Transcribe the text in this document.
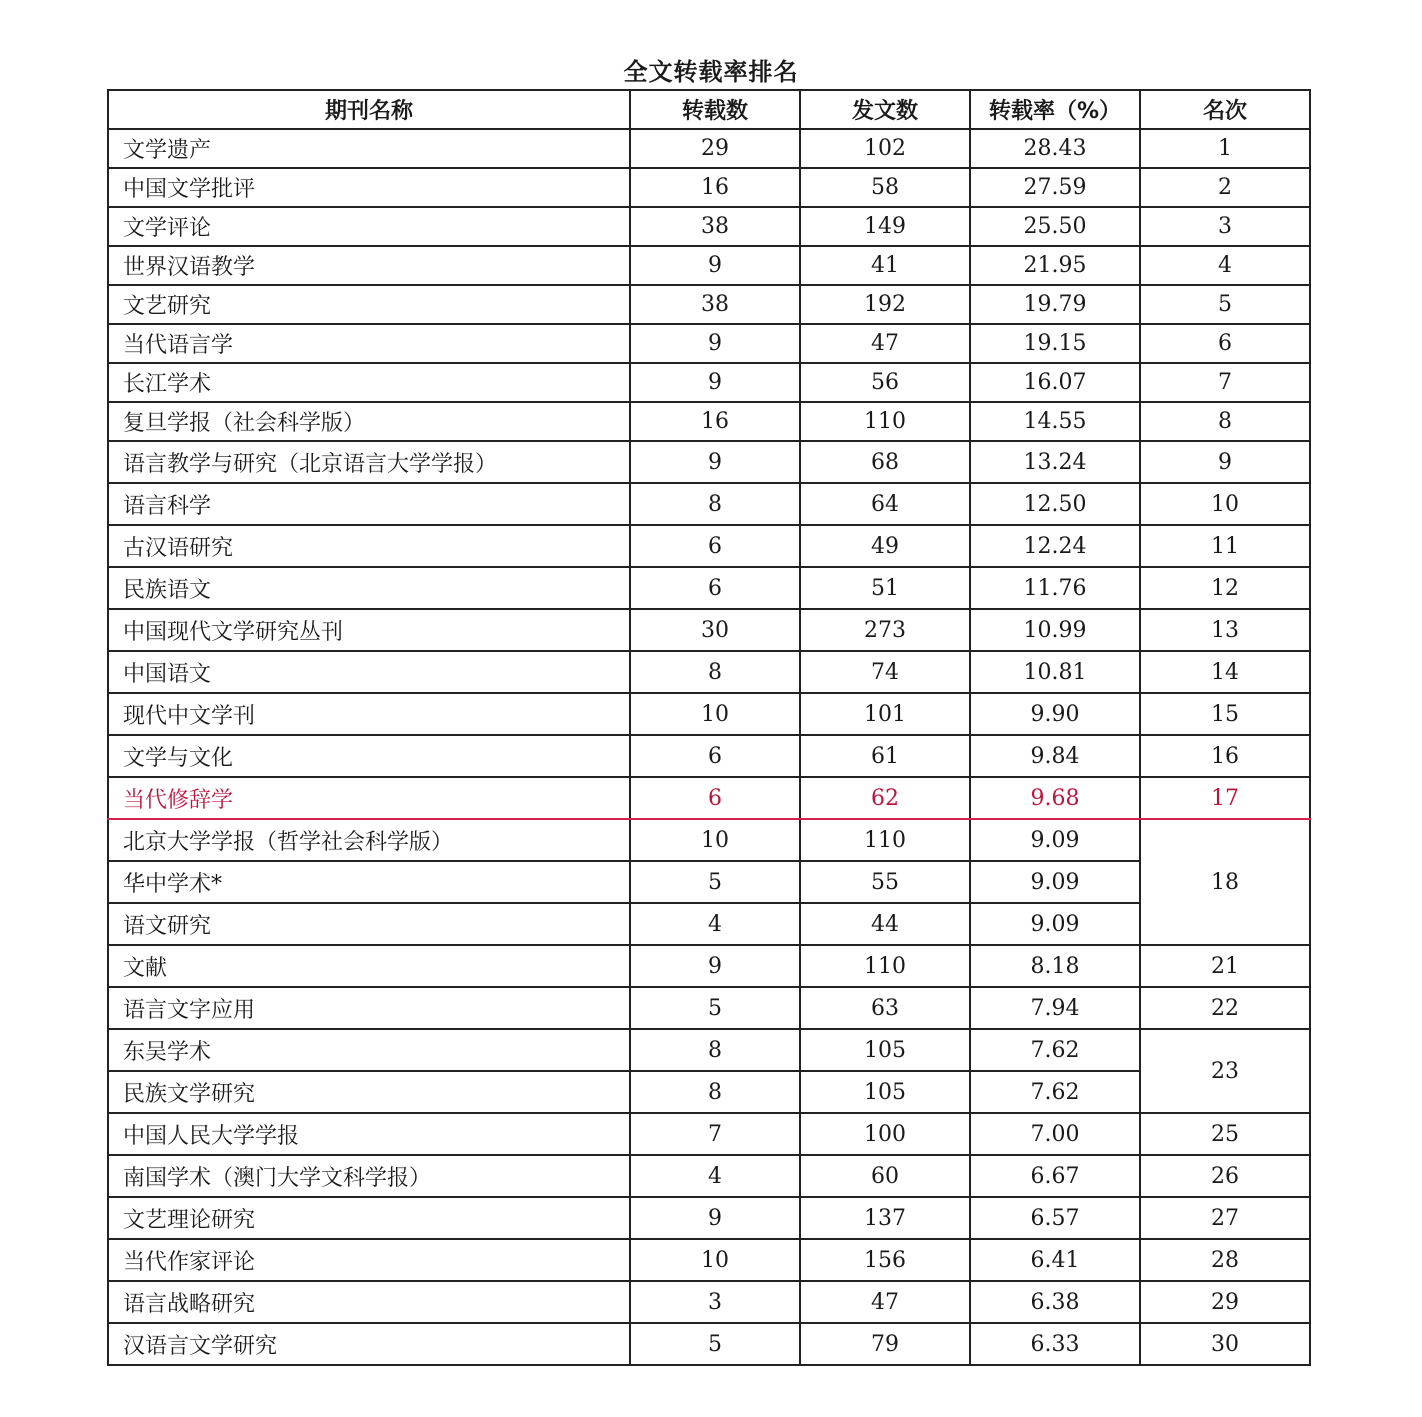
全文转载率排名
期刊名称	转载数	发文数	转载率（%）	名次
文学遗产	29	102	28.43	1
中国文学批评	16	58	27.59	2
文学评论	38	149	25.50	3
世界汉语教学	9	41	21.95	4
文艺研究	38	192	19.79	5
当代语言学	9	47	19.15	6
长江学术	9	56	16.07	7
复旦学报（社会科学版）	16	110	14.55	8
语言教学与研究（北京语言大学学报）	9	68	13.24	9
语言科学	8	64	12.50	10
古汉语研究	6	49	12.24	11
民族语文	6	51	11.76	12
中国现代文学研究丛刊	30	273	10.99	13
中国语文	8	74	10.81	14
现代中文学刊	10	101	9.90	15
文学与文化	6	61	9.84	16
当代修辞学	6	62	9.68	17
北京大学学报（哲学社会科学版）	10	110	9.09	18
华中学术*	5	55	9.09	
语文研究	4	44	9.09	
文献	9	110	8.18	21
语言文字应用	5	63	7.94	22
东吴学术	8	105	7.62	23
民族文学研究	8	105	7.62	
中国人民大学学报	7	100	7.00	25
南国学术（澳门大学文科学报）	4	60	6.67	26
文艺理论研究	9	137	6.57	27
当代作家评论	10	156	6.41	28
语言战略研究	3	47	6.38	29
汉语言文学研究	5	79	6.33	30
